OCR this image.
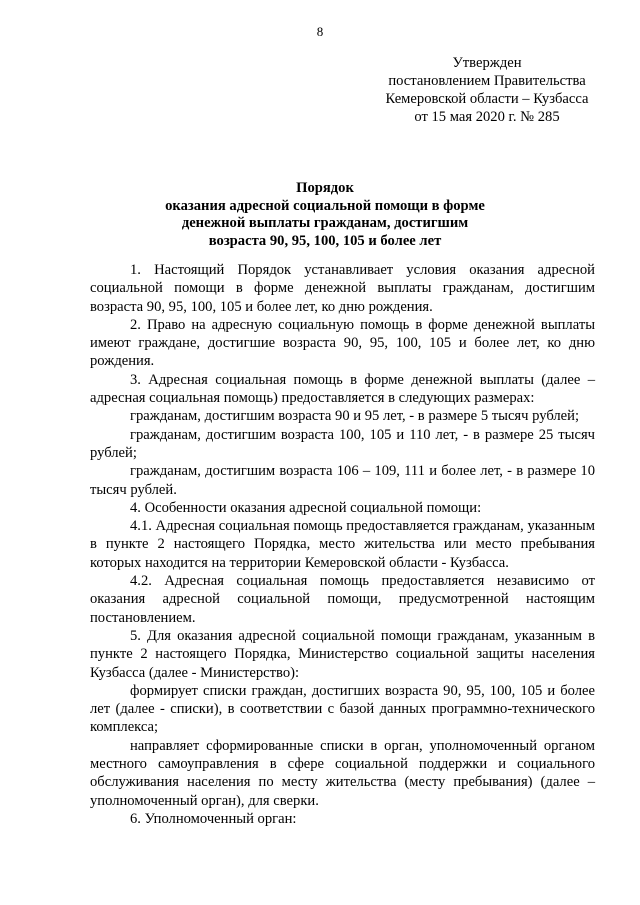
8
Утвержден
постановлением Правительства
Кемеровской области – Кузбасса
от 15 мая 2020 г. № 285
Порядок
оказания адресной социальной помощи в форме
денежной выплаты гражданам, достигшим
возраста 90, 95, 100, 105 и более лет

1. Настоящий Порядок устанавливает условия оказания адресной социальной помощи в форме денежной выплаты гражданам, достигшим возраста 90, 95, 100, 105 и более лет, ко дню рождения.

2. Право на адресную социальную помощь в форме денежной выплаты имеют граждане, достигшие возраста 90, 95, 100, 105 и более лет, ко дню рождения.

3. Адресная социальная помощь в форме денежной выплаты (далее – адресная социальная помощь) предоставляется в следующих размерах:

гражданам, достигшим возраста 90 и 95 лет, - в размере 5 тысяч рублей;

гражданам, достигшим возраста 100, 105 и 110 лет, - в размере 25 тысяч рублей;

гражданам, достигшим возраста 106 – 109, 111 и более лет, - в размере 10 тысяч рублей.

4. Особенности оказания адресной социальной помощи:

4.1. Адресная социальная помощь предоставляется гражданам, указанным в пункте 2 настоящего Порядка, место жительства или место пребывания которых находится на территории Кемеровской области - Кузбасса.

4.2. Адресная социальная помощь предоставляется независимо от оказания адресной социальной помощи, предусмотренной настоящим постановлением.

5. Для оказания адресной социальной помощи гражданам, указанным в пункте 2 настоящего Порядка, Министерство социальной защиты населения Кузбасса (далее - Министерство):

формирует списки граждан, достигших возраста 90, 95, 100, 105 и более лет (далее - списки), в соответствии с базой данных программно-технического комплекса;

направляет сформированные списки в орган, уполномоченный органом местного самоуправления в сфере социальной поддержки и социального обслуживания населения по месту жительства (месту пребывания) (далее – уполномоченный орган), для сверки.

6. Уполномоченный орган:
